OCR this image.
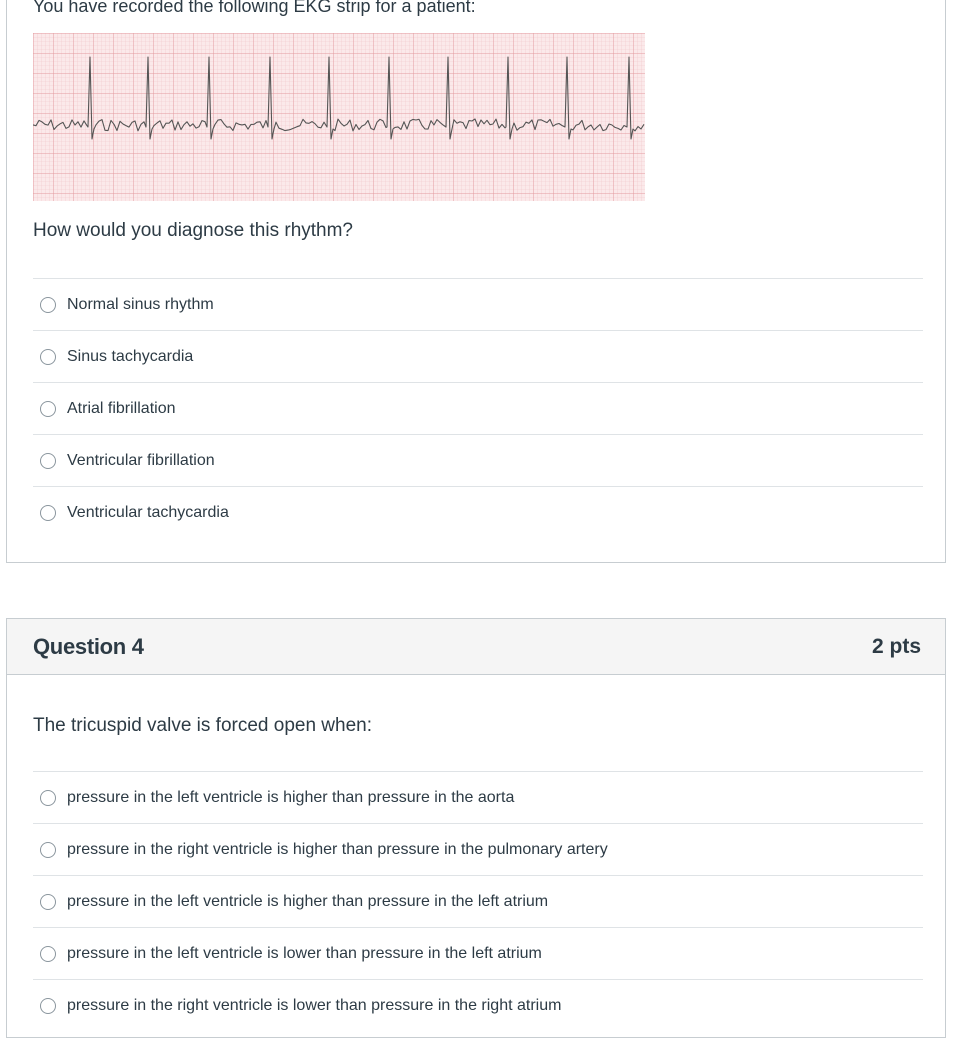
You have recorded the following EKG strip for a patient:
How would you diagnose this rhythm?
Normal sinus rhythm
Sinus tachycardia
Atrial fibrillation
Ventricular fibrillation
Ventricular tachycardia
Question 4	2 pts
The tricuspid valve is forced open when:
pressure in the left ventricle is higher than pressure in the aorta
pressure in the right ventricle is higher than pressure in the pulmonary artery
pressure in the left ventricle is higher than pressure in the left atrium
pressure in the left ventricle is lower than pressure in the left atrium
pressure in the right ventricle is lower than pressure in the right atrium
